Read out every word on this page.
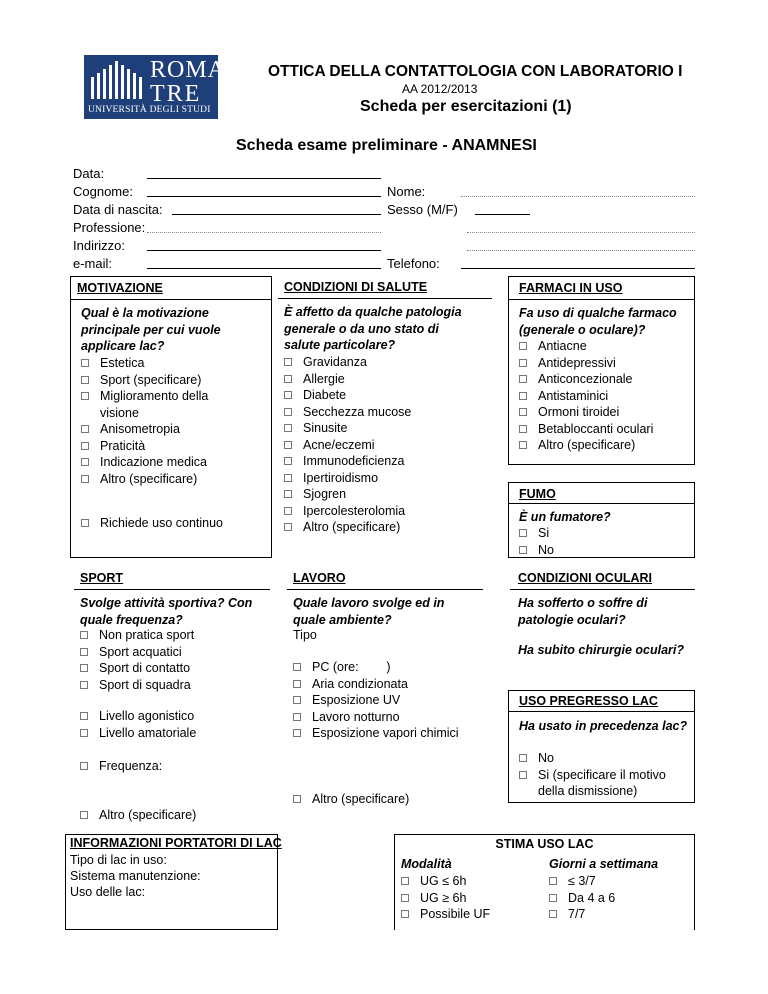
ROMA
TRE
UNIVERSITÀ DEGLI STUDI
OTTICA DELLA CONTATTOLOGIA CON LABORATORIO I
AA 2012/2013
Scheda per esercitazioni (1)
Scheda esame preliminare - ANAMNESI
Data:
Cognome:
Data di nascita:
Professione:
Indirizzo:
e-mail:
Nome:
Sesso (M/F)
Telefono:
MOTIVAZIONE
Qual è la motivazione principale per cui vuole applicare lac?
Estetica
Sport (specificare)
Miglioramento della
visione
Anisometropia
Praticità
Indicazione medica
Altro (specificare)
Richiede uso continuo
CONDIZIONI DI SALUTE
È affetto da qualche patologia generale o da uno stato di salute particolare?
Gravidanza
Allergie
Diabete
Secchezza mucose
Sinusite
Acne/eczemi
Immunodeficienza
Ipertiroidismo
Sjogren
Ipercolesterolomia
Altro (specificare)
FARMACI IN USO
Fa uso di qualche farmaco (generale o oculare)?
Antiacne
Antidepressivi
Anticoncezionale
Antistaminici
Ormoni tiroidei
Betabloccanti oculari
Altro (specificare)
FUMO
È un fumatore?
Si
No
SPORT
Svolge attività sportiva? Con quale frequenza?
Non pratica sport
Sport acquatici
Sport di contatto
Sport di squadra
Livello agonistico
Livello amatoriale
Frequenza:
Altro (specificare)
LAVORO
Quale lavoro svolge ed in quale ambiente?
Tipo
PC (ore:        )
Aria condizionata
Esposizione UV
Lavoro notturno
Esposizione vapori chimici
Altro (specificare)
CONDIZIONI OCULARI
Ha sofferto o soffre di patologie oculari?
Ha subito chirurgie oculari?
USO PREGRESSO LAC
Ha usato in precedenza lac?
No
Si (specificare il motivo
della dismissione)
INFORMAZIONI PORTATORI DI LAC
Tipo di lac in uso:
Sistema manutenzione:
Uso delle lac:
STIMA USO LAC
Modalità
UG ≤ 6h
UG ≥ 6h
Possibile UF
Giorni a settimana
≤ 3/7
Da 4 a 6
7/7
